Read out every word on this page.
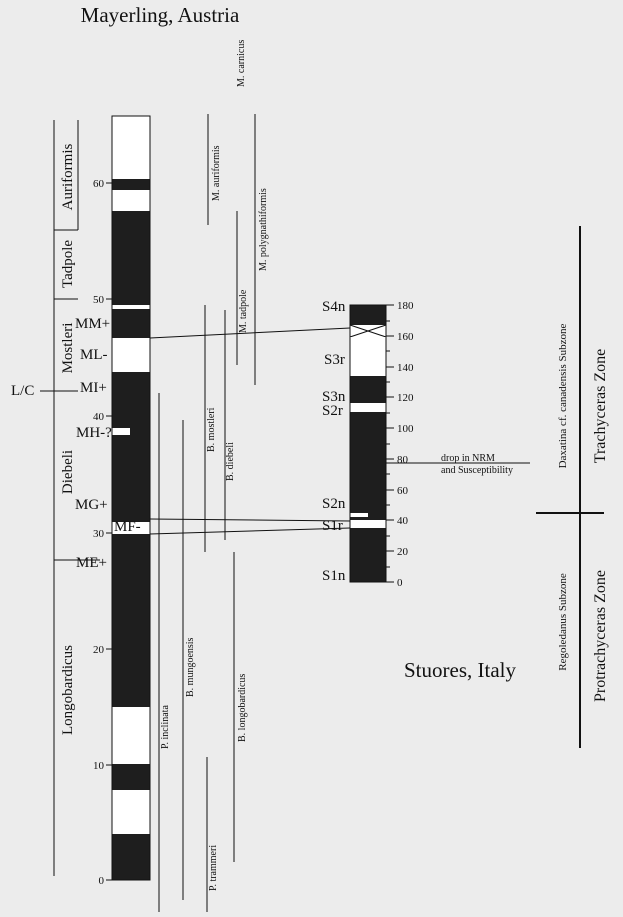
Mayerling, Austria
Stuores, Italy
0
10
20
30
40
50
60
Auriformis
Tadpole
Mostleri
Diebeli
Longobardicus
L/C
MM+
ML-
MI+
MH-?
MG+
MF-
ME+
M. carnicus
M. auriformis
M. polygnathiformis
M. tadpole
B. mostleri
B. diebeli
P. inclinata
B. mungoensis
B. longobardicus
P. trammeri
0
20
40
60
80
100
120
140
160
180
S4n
S3r
S3n
S2r
S2n
S1r
S1n
drop in NRM
and Susceptibility
Daxatina cf. canadensis Subzone Trachyceras Zone
Regoledanus Subzone Protrachyceras Zone
